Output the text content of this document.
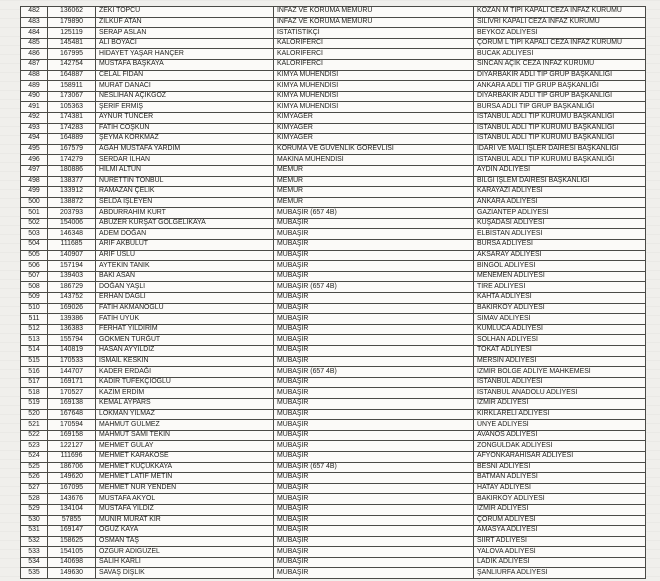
482	136062	ZEKİ TOPCU	İNFAZ VE KORUMA MEMURU	KOZAN M TİPİ KAPALI CEZA İNFAZ KURUMU
483	179890	ZİLKÜF ATAN	İNFAZ VE KORUMA MEMURU	SİLİVRİ KAPALI CEZA İNFAZ KURUMU
484	125119	SERAP ASLAN	İSTATİSTİKÇİ	BEYKOZ ADLİYESİ
485	145481	ALİ BOYACI	KALORİFERCİ	ÇORUM L TİPİ KAPALI CEZA İNFAZ KURUMU
486	167995	HİDAYET YAŞAR HANÇER	KALORİFERCİ	BUCAK ADLİYESİ
487	142754	MUSTAFA BAŞKAYA	KALORİFERCİ	SİNCAN AÇIK CEZA İNFAZ KURUMU
488	164887	CELAL FİDAN	KİMYA MÜHENDİSİ	DİYARBAKIR ADLİ TIP GRUP BAŞKANLIĞI
489	158911	MURAT DANACI	KİMYA MÜHENDİSİ	ANKARA ADLİ TIP GRUP BAŞKANLIĞI
490	173067	NESLİHAN AÇIKGÖZ	KİMYA MÜHENDİSİ	DİYARBAKIR ADLİ TIP GRUP BAŞKANLIĞI
491	105363	ŞERİF ERMİŞ	KİMYA MÜHENDİSİ	BURSA ADLİ TIP GRUP BAŞKANLIĞI
492	174381	AYNUR TUNCER	KİMYAGER	İSTANBUL ADLİ TIP KURUMU BAŞKANLIĞI
493	174283	FATİH COŞKUN	KİMYAGER	İSTANBUL ADLİ TIP KURUMU BAŞKANLIĞI
494	164889	ŞEYMA KORKMAZ	KİMYAGER	İSTANBUL ADLİ TIP KURUMU BAŞKANLIĞI
495	167579	AGAH MUSTAFA YARDIM	KORUMA VE GÜVENLİK GÖREVLİSİ	İDARİ VE MALİ İŞLER DAİRESİ BAŞKANLIĞI
496	174279	SERDAR İLHAN	MAKİNA MÜHENDİSİ	İSTANBUL ADLİ TIP KURUMU BAŞKANLIĞI
497	180886	HİLMİ ALTUN	MEMUR	AYDIN ADLİYESİ
498	138377	NURETTİN TONBUL	MEMUR	BİLGİ İŞLEM DAİRESİ BAŞKANLIĞI
499	133912	RAMAZAN ÇELİK	MEMUR	KARAYAZI ADLİYESİ
500	138872	SELDA İŞLEYEN	MEMUR	ANKARA ADLİYESİ
501	203793	ABDURRAHİM KURT	MÜBAŞİR (657 4B)	GAZİANTEP ADLİYESİ
502	154006	ABUZER KÜRŞAT GÖLGELİKAYA	MÜBAŞİR	KUŞADASI ADLİYESİ
503	146348	ADEM DOĞAN	MÜBAŞİR	ELBİSTAN ADLİYESİ
504	111685	ARİF AKBULUT	MÜBAŞİR	BURSA ADLİYESİ
505	140907	ARİF USLU	MÜBAŞİR	AKSARAY ADLİYESİ
506	157194	AYTEKİN TANIK	MÜBAŞİR	BİNGÖL ADLİYESİ
507	139403	BAKİ ASAN	MÜBAŞİR	MENEMEN ADLİYESİ
508	186729	DOĞAN YAŞLI	MÜBAŞİR (657 4B)	TİRE ADLİYESİ
509	143752	ERHAN DAĞLI	MÜBAŞİR	KAHTA ADLİYESİ
510	169026	FATİH AKMANOĞLU	MÜBAŞİR	BAKIRKÖY ADLİYESİ
511	139386	FATİH ÜYÜK	MÜBAŞİR	SİMAV ADLİYESİ
512	136383	FERHAT YILDIRIM	MÜBAŞİR	KUMLUCA ADLİYESİ
513	155794	GÖKMEN TURĞUT	MÜBAŞİR	SOLHAN ADLİYESİ
514	140819	HASAN AYYILDIZ	MÜBAŞİR	TOKAT ADLİYESİ
515	170533	İSMAİL KESKİN	MÜBAŞİR	MERSİN ADLİYESİ
516	144707	KADER ERDAĞI	MÜBAŞİR (657 4B)	İZMİR BÖLGE ADLİYE MAHKEMESİ
517	169171	KADİR TÜFEKÇİOĞLU	MÜBAŞİR	İSTANBUL ADLİYESİ
518	170527	KAZİM ERDİM	MÜBAŞİR	İSTANBUL ANADOLU ADLİYESİ
519	169138	KEMAL AYPARS	MÜBAŞİR	İZMİR ADLİYESİ
520	167648	LOKMAN YILMAZ	MÜBAŞİR	KIRKLARELİ ADLİYESİ
521	170594	MAHMUT GÜLMEZ	MÜBAŞİR	ÜNYE ADLİYESİ
522	169158	MAHMUT SAMİ TEKİN	MÜBAŞİR	AVANOS ADLİYESİ
523	122127	MEHMET GÜLAY	MÜBAŞİR	ZONGULDAK ADLİYESİ
524	111696	MEHMET KARAKÖSE	MÜBAŞİR	AFYONKARAHİSAR ADLİYESİ
525	186706	MEHMET KÜÇÜKKAYA	MÜBAŞİR (657 4B)	BESNİ ADLİYESİ
526	149620	MEHMET LATİF METİN	MÜBAŞİR	BATMAN ADLİYESİ
527	167095	MEHMET NUR YENDEN	MÜBAŞİR	HATAY ADLİYESİ
528	143676	MUSTAFA AKYOL	MÜBAŞİR	BAKIRKÖY ADLİYESİ
529	134104	MUSTAFA YILDIZ	MÜBAŞİR	İZMİR ADLİYESİ
530	57855	MÜNİR MURAT KIR	MÜBAŞİR	ÇORUM ADLİYESİ
531	169147	OĞUZ KAYA	MÜBAŞİR	AMASYA ADLİYESİ
532	158625	OSMAN TAŞ	MÜBAŞİR	SİİRT ADLİYESİ
533	154105	ÖZGÜR ADIGÜZEL	MÜBAŞİR	YALOVA ADLİYESİ
534	140698	SALİH KARLI	MÜBAŞİR	LADİK ADLİYESİ
535	149630	SAVAŞ DİŞLİK	MÜBAŞİR	ŞANLIURFA ADLİYESİ
